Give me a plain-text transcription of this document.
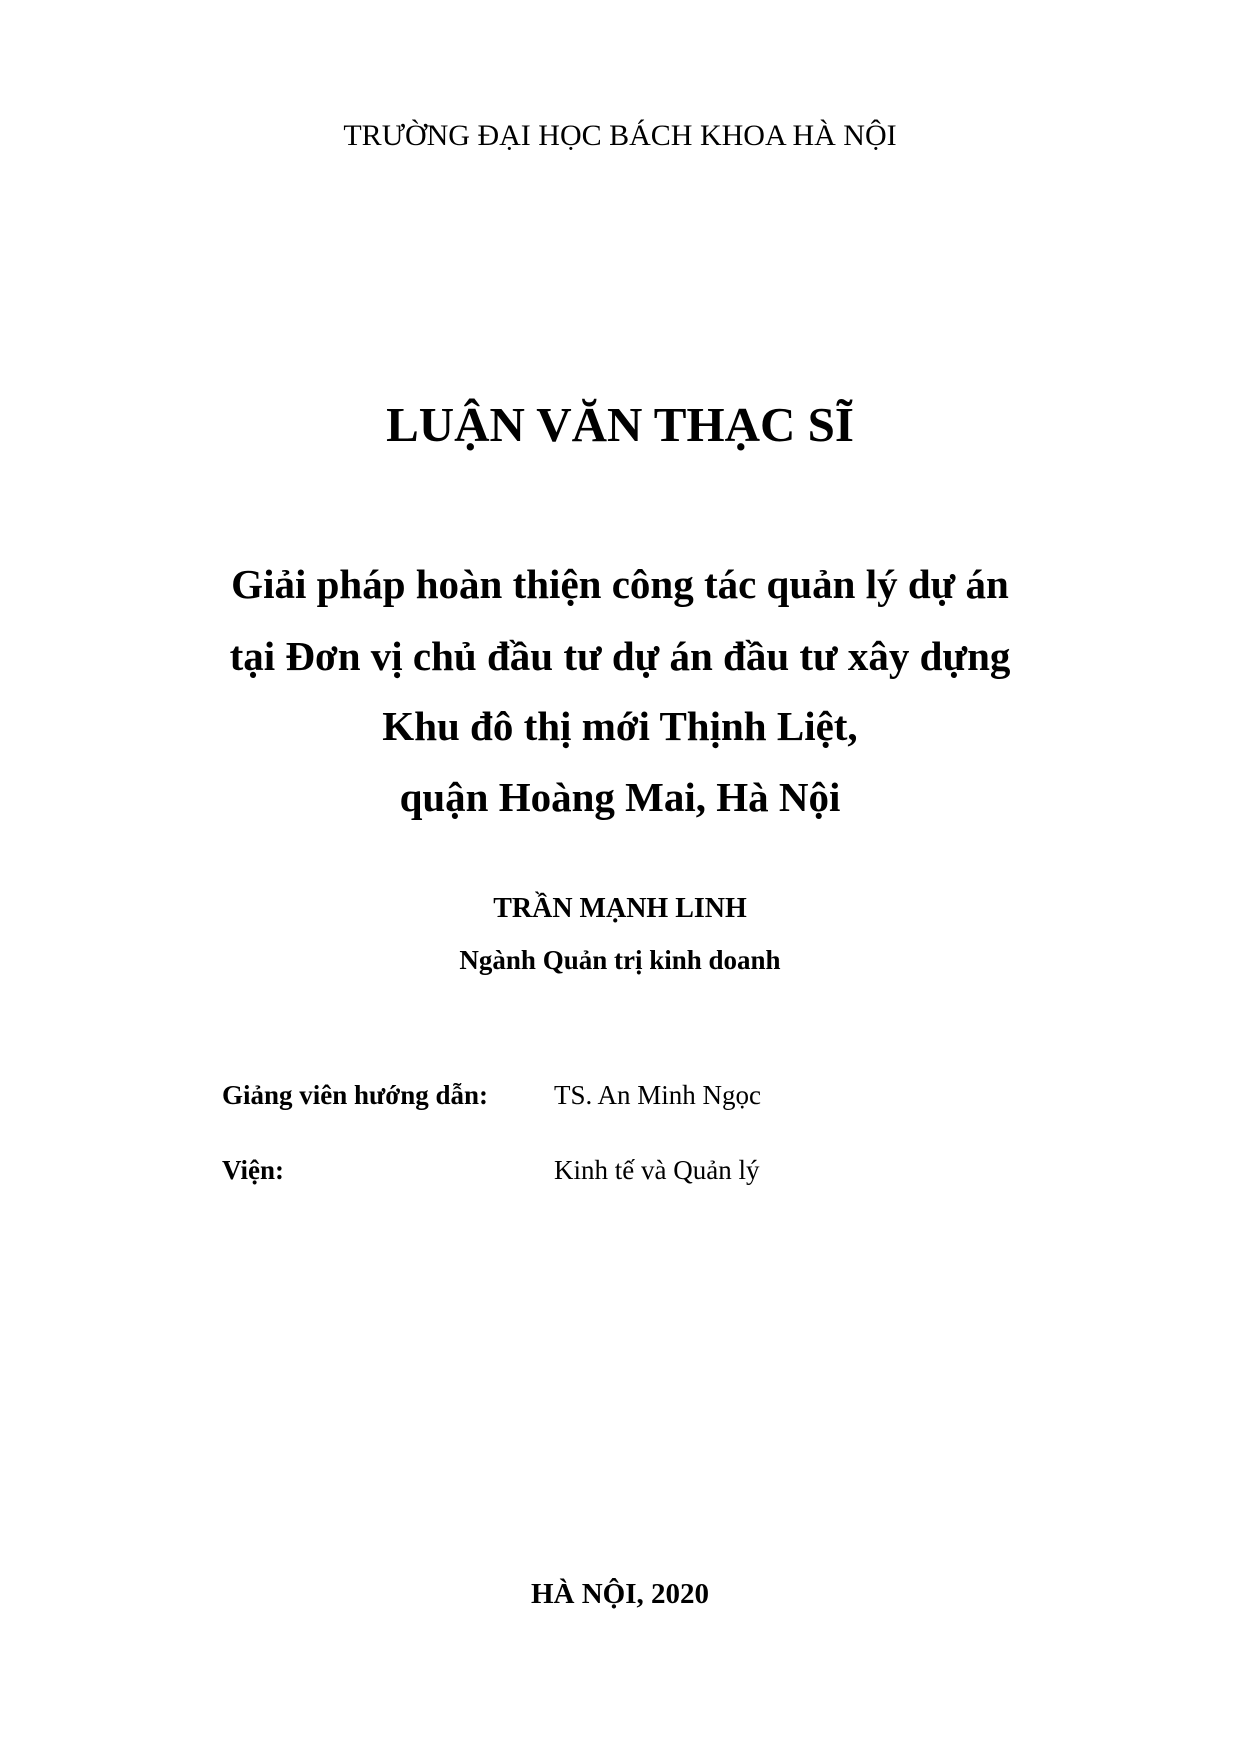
TRƯỜNG ĐẠI HỌC BÁCH KHOA HÀ NỘI
LUẬN VĂN THẠC SĨ
Giải pháp hoàn thiện công tác quản lý dự án
tại Đơn vị chủ đầu tư dự án đầu tư xây dựng
Khu đô thị mới Thịnh Liệt,
quận Hoàng Mai, Hà Nội
TRẦN MẠNH LINH
Ngành Quản trị kinh doanh
Giảng viên hướng dẫn: TS. An Minh Ngọc
Viện:	Kinh tế và Quản lý
HÀ NỘI, 2020
